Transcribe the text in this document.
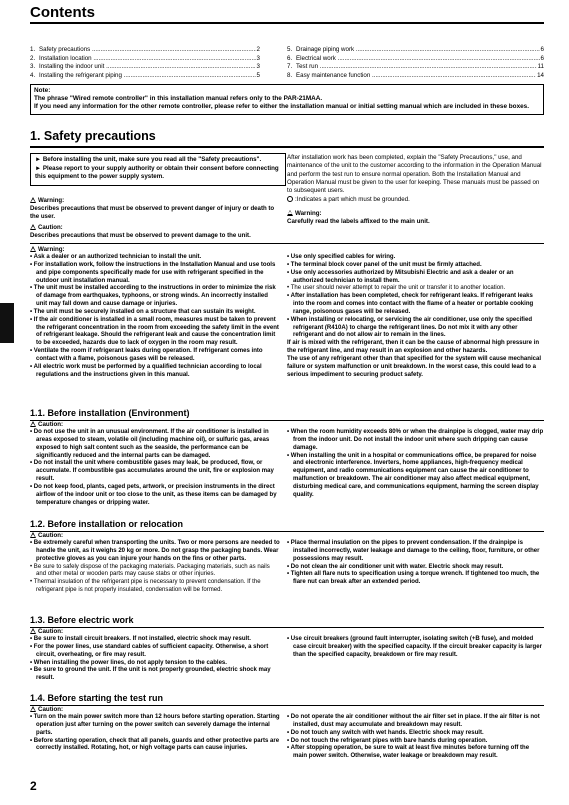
Contents
1. Safety precautions .....	2
2. Installation location .....	3
3. Installing the indoor unit .....	3
4. Installing the refrigerant piping .....	5
5. Drainage piping work .....	6
6. Electrical work .....	6
7. Test run .....	11
8. Easy maintenance function .....	14
Note:
The phrase "Wired remote controller" in this installation manual refers only to the PAR-21MAA.
If you need any information for the other remote controller, please refer to either the installation manual or initial setting manual which are included in these boxes.
1. Safety precautions

► Before installing the unit, make sure you read all the "Safety precautions".

► Please report to your supply authority or obtain their consent before connecting this equipment to the power supply system.

Warning:
Describes precautions that must be observed to prevent danger of injury or death to the user.
Caution:
Describes precautions that must be observed to prevent damage to the unit.

After installation work has been completed, explain the "Safety Precautions," use, and maintenance of the unit to the customer according to the information in the Operation Manual and perform the test run to ensure normal operation. Both the Installation Manual and Operation Manual must be given to the user for keeping. These manuals must be passed on to subsequent users.

:Indicates a part which must be grounded.

Warning:

Carefully read the labels affixed to the main unit.

Warning:

• Ask a dealer or an authorized technician to install the unit.

• For installation work, follow the instructions in the Installation Manual and use tools and pipe components specifically made for use with refrigerant specified in the outdoor unit installation manual.

• The unit must be installed according to the instructions in order to minimize the risk of damage from earthquakes, typhoons, or strong winds. An incorrectly installed unit may fall down and cause damage or injuries.

• The unit must be securely installed on a structure that can sustain its weight.

• If the air conditioner is installed in a small room, measures must be taken to prevent the refrigerant concentration in the room from exceeding the safety limit in the event of refrigerant leakage. Should the refrigerant leak and cause the concentration limit to be exceeded, hazards due to lack of oxygen in the room may result.

• Ventilate the room if refrigerant leaks during operation. If refrigerant comes into contact with a flame, poisonous gases will be released.

• All electric work must be performed by a qualified technician according to local regulations and the instructions given in this manual.

• Use only specified cables for wiring.

• The terminal block cover panel of the unit must be firmly attached.

• Use only accessories authorized by Mitsubishi Electric and ask a dealer or an authorized technician to install them.

• The user should never attempt to repair the unit or transfer it to another location.

• After installation has been completed, check for refrigerant leaks. If refrigerant leaks into the room and comes into contact with the flame of a heater or portable cooking range, poisonous gases will be released.

• When installing or relocating, or servicing the air conditioner, use only the specified refrigerant (R410A) to charge the refrigerant lines. Do not mix it with any other refrigerant and do not allow air to remain in the lines.

If air is mixed with the refrigerant, then it can be the cause of abnormal high pressure in the refrigerant line, and may result in an explosion and other hazards.

The use of any refrigerant other than that specified for the system will cause mechanical failure or system malfunction or unit breakdown. In the worst case, this could lead to a serious impediment to securing product safety.

1.1. Before installation (Environment)
Caution:

• Do not use the unit in an unusual environment. If the air conditioner is installed in areas exposed to steam, volatile oil (including machine oil), or sulfuric gas, areas exposed to high salt content such as the seaside, the performance can be significantly reduced and the internal parts can be damaged.

• Do not install the unit where combustible gases may leak, be produced, flow, or accumulate. If combustible gas accumulates around the unit, fire or explosion may result.

• Do not keep food, plants, caged pets, artwork, or precision instruments in the direct airflow of the indoor unit or too close to the unit, as these items can be damaged by temperature changes or dripping water.

• When the room humidity exceeds 80% or when the drainpipe is clogged, water may drip from the indoor unit. Do not install the indoor unit where such dripping can cause damage.

• When installing the unit in a hospital or communications office, be prepared for noise and electronic interference. Inverters, home appliances, high-frequency medical equipment, and radio communications equipment can cause the air conditioner to malfunction or breakdown. The air conditioner may also affect medical equipment, disturbing medical care, and communications equipment, harming the screen display quality.

1.2. Before installation or relocation
Caution:

• Be extremely careful when transporting the units. Two or more persons are needed to handle the unit, as it weighs 20 kg or more. Do not grasp the packaging bands. Wear protective gloves as you can injure your hands on the fins or other parts.

• Be sure to safely dispose of the packaging materials. Packaging materials, such as nails and other metal or wooden parts may cause stabs or other injuries.

• Thermal insulation of the refrigerant pipe is necessary to prevent condensation. If the refrigerant pipe is not properly insulated, condensation will be formed.

• Place thermal insulation on the pipes to prevent condensation. If the drainpipe is installed incorrectly, water leakage and damage to the ceiling, floor, furniture, or other possessions may result.

• Do not clean the air conditioner unit with water. Electric shock may result.

• Tighten all flare nuts to specification using a torque wrench. If tightened too much, the flare nut can break after an extended period.

1.3. Before electric work
Caution:

• Be sure to install circuit breakers. If not installed, electric shock may result.

• For the power lines, use standard cables of sufficient capacity. Otherwise, a short circuit, overheating, or fire may result.

• When installing the power lines, do not apply tension to the cables.

• Be sure to ground the unit. If the unit is not properly grounded, electric shock may result.

• Use circuit breakers (ground fault interrupter, isolating switch (+B fuse), and molded case circuit breaker) with the specified capacity. If the circuit breaker capacity is larger than the specified capacity, breakdown or fire may result.

1.4. Before starting the test run
Caution:

• Turn on the main power switch more than 12 hours before starting operation. Starting operation just after turning on the power switch can severely damage the internal parts.

• Before starting operation, check that all panels, guards and other protective parts are correctly installed. Rotating, hot, or high voltage parts can cause injuries.

• Do not operate the air conditioner without the air filter set in place. If the air filter is not installed, dust may accumulate and breakdown may result.

• Do not touch any switch with wet hands. Electric shock may result.

• Do not touch the refrigerant pipes with bare hands during operation.

• After stopping operation, be sure to wait at least five minutes before turning off the main power switch. Otherwise, water leakage or breakdown may result.

2
